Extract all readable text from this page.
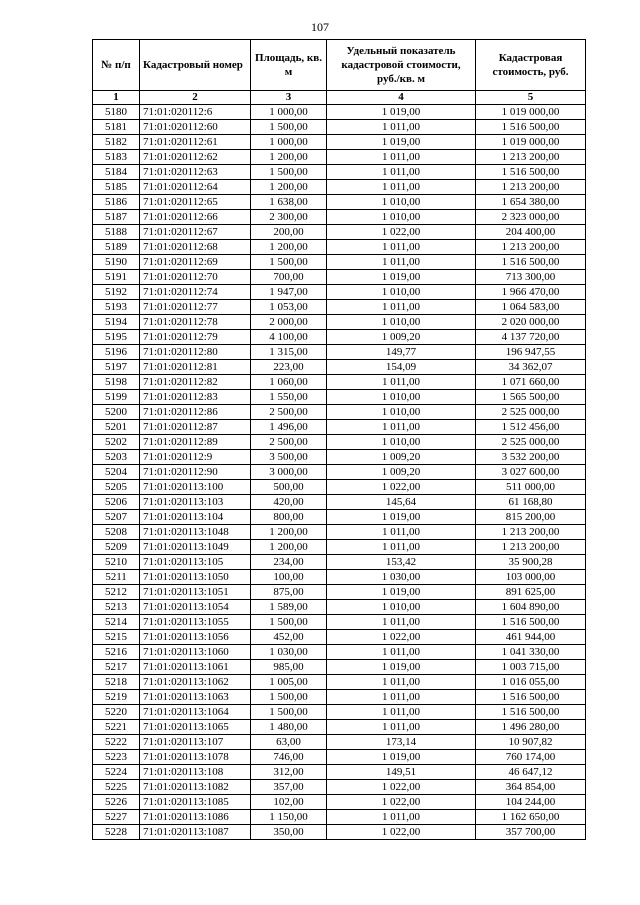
107
№ п/п	Кадастровый номер	Площадь, кв. м	Удельный показатель кадастровой стоимости, руб./кв. м	Кадастровая стоимость, руб.
1	2	3	4	5
5180	71:01:020112:6	1 000,00	1 019,00	1 019 000,00
5181	71:01:020112:60	1 500,00	1 011,00	1 516 500,00
5182	71:01:020112:61	1 000,00	1 019,00	1 019 000,00
5183	71:01:020112:62	1 200,00	1 011,00	1 213 200,00
5184	71:01:020112:63	1 500,00	1 011,00	1 516 500,00
5185	71:01:020112:64	1 200,00	1 011,00	1 213 200,00
5186	71:01:020112:65	1 638,00	1 010,00	1 654 380,00
5187	71:01:020112:66	2 300,00	1 010,00	2 323 000,00
5188	71:01:020112:67	200,00	1 022,00	204 400,00
5189	71:01:020112:68	1 200,00	1 011,00	1 213 200,00
5190	71:01:020112:69	1 500,00	1 011,00	1 516 500,00
5191	71:01:020112:70	700,00	1 019,00	713 300,00
5192	71:01:020112:74	1 947,00	1 010,00	1 966 470,00
5193	71:01:020112:77	1 053,00	1 011,00	1 064 583,00
5194	71:01:020112:78	2 000,00	1 010,00	2 020 000,00
5195	71:01:020112:79	4 100,00	1 009,20	4 137 720,00
5196	71:01:020112:80	1 315,00	149,77	196 947,55
5197	71:01:020112:81	223,00	154,09	34 362,07
5198	71:01:020112:82	1 060,00	1 011,00	1 071 660,00
5199	71:01:020112:83	1 550,00	1 010,00	1 565 500,00
5200	71:01:020112:86	2 500,00	1 010,00	2 525 000,00
5201	71:01:020112:87	1 496,00	1 011,00	1 512 456,00
5202	71:01:020112:89	2 500,00	1 010,00	2 525 000,00
5203	71:01:020112:9	3 500,00	1 009,20	3 532 200,00
5204	71:01:020112:90	3 000,00	1 009,20	3 027 600,00
5205	71:01:020113:100	500,00	1 022,00	511 000,00
5206	71:01:020113:103	420,00	145,64	61 168,80
5207	71:01:020113:104	800,00	1 019,00	815 200,00
5208	71:01:020113:1048	1 200,00	1 011,00	1 213 200,00
5209	71:01:020113:1049	1 200,00	1 011,00	1 213 200,00
5210	71:01:020113:105	234,00	153,42	35 900,28
5211	71:01:020113:1050	100,00	1 030,00	103 000,00
5212	71:01:020113:1051	875,00	1 019,00	891 625,00
5213	71:01:020113:1054	1 589,00	1 010,00	1 604 890,00
5214	71:01:020113:1055	1 500,00	1 011,00	1 516 500,00
5215	71:01:020113:1056	452,00	1 022,00	461 944,00
5216	71:01:020113:1060	1 030,00	1 011,00	1 041 330,00
5217	71:01:020113:1061	985,00	1 019,00	1 003 715,00
5218	71:01:020113:1062	1 005,00	1 011,00	1 016 055,00
5219	71:01:020113:1063	1 500,00	1 011,00	1 516 500,00
5220	71:01:020113:1064	1 500,00	1 011,00	1 516 500,00
5221	71:01:020113:1065	1 480,00	1 011,00	1 496 280,00
5222	71:01:020113:107	63,00	173,14	10 907,82
5223	71:01:020113:1078	746,00	1 019,00	760 174,00
5224	71:01:020113:108	312,00	149,51	46 647,12
5225	71:01:020113:1082	357,00	1 022,00	364 854,00
5226	71:01:020113:1085	102,00	1 022,00	104 244,00
5227	71:01:020113:1086	1 150,00	1 011,00	1 162 650,00
5228	71:01:020113:1087	350,00	1 022,00	357 700,00
